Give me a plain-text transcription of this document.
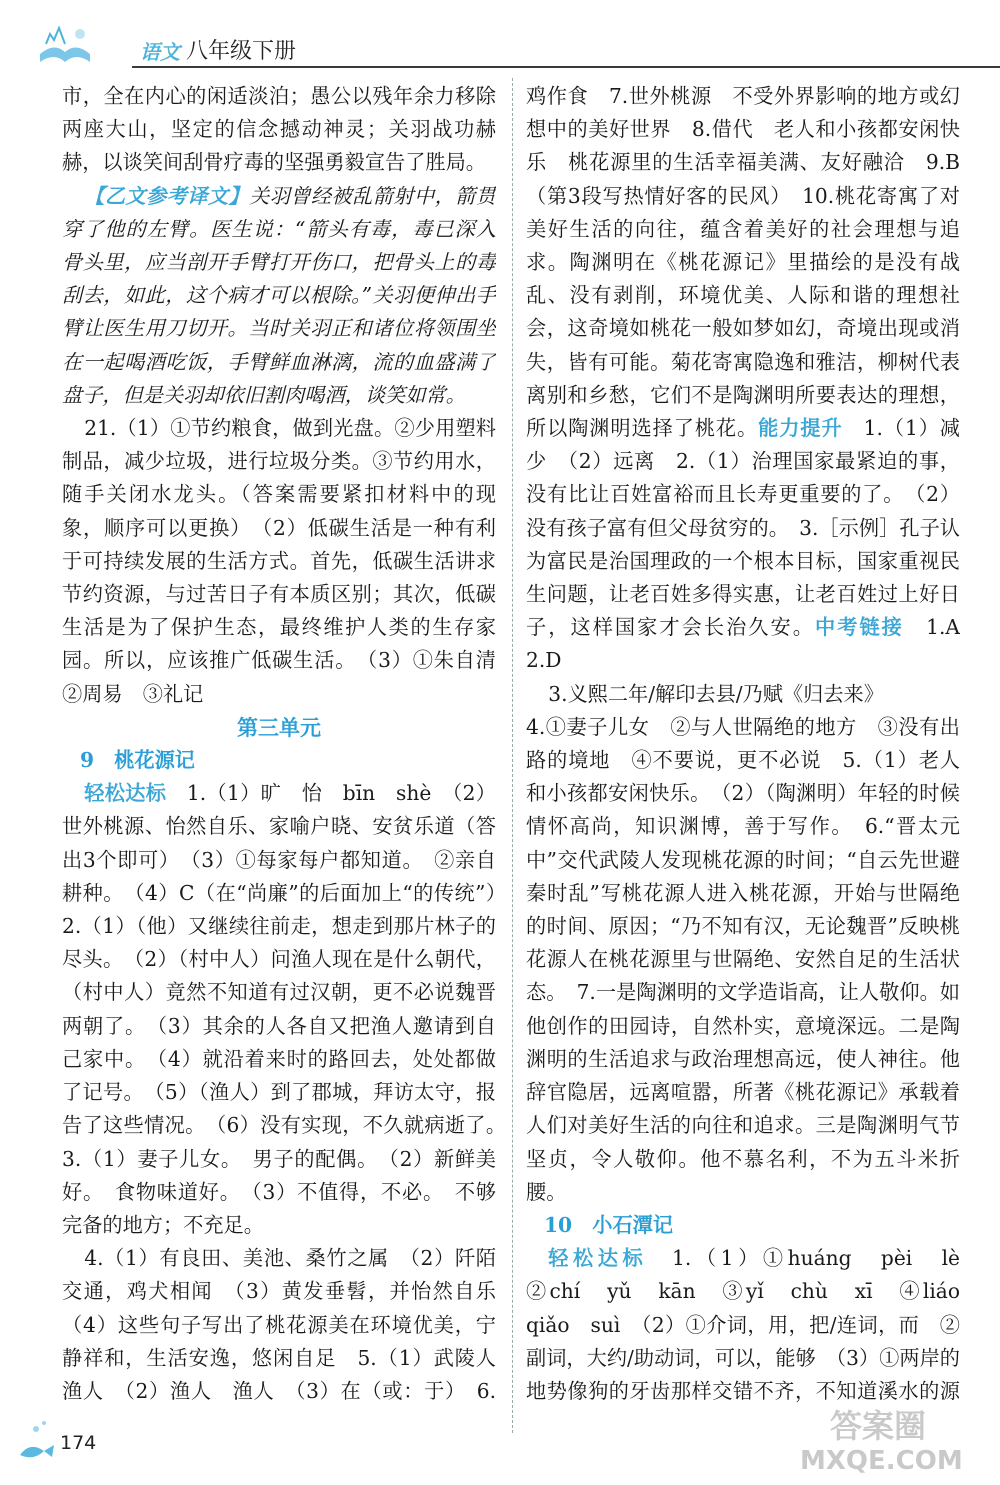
语文 八年级下册

市，全在内心的闲适淡泊；愚公以残年余力移除两座大山，坚定的信念撼动神灵；关羽战功赫赫，以谈笑间刮骨疗毒的坚强勇毅宣告了胜局。

【乙文参考译文】关羽曾经被乱箭射中，箭贯穿了他的左臂。医生说：“箭头有毒，毒已深入骨头里，应当剖开手臂打开伤口，把骨头上的毒刮去，如此，这个病才可以根除。”关羽便伸出手臂让医生用刀切开。当时关羽正和诸位将领围坐在一起喝酒吃饭，手臂鲜血淋漓，流的血盛满了盘子，但是关羽却依旧割肉喝酒，谈笑如常。

21.（1）①节约粮食，做到光盘。②少用塑料制品，减少垃圾，进行垃圾分类。③节约用水，随手关闭水龙头。（答案需要紧扣材料中的现象，顺序可以更换）　（2）低碳生活是一种有利于可持续发展的生活方式。首先，低碳生活讲求节约资源，与过苦日子有本质区别；其次，低碳生活是为了保护生态，最终维护人类的生存家园。所以，应该推广低碳生活。　（3）①朱自清　②周易　③礼记

第三单元

9　桃花源记

轻松达标　1.（1）旷　怡　bīn　shè　（2）世外桃源、怡然自乐、家喻户晓、安贫乐道（答出3个即可）　（3）①每家每户都知道。　②亲自耕种。　（4）C（在“尚廉”的后面加上“的传统”）　2.（1）（他）又继续往前走，想走到那片林子的尽头。　（2）（村中人）问渔人现在是什么朝代，（村中人）竟然不知道有过汉朝，更不必说魏晋两朝了。　（3）其余的人各自又把渔人邀请到自己家中。　（4）就沿着来时的路回去，处处都做了记号。　（5）（渔人）到了郡城，拜访太守，报告了这些情况。　（6）没有实现，不久就病逝了。　3.（1）妻子儿女。　男子的配偶。　（2）新鲜美好。　食物味道好。　（3）不值得，不必。　不够完备的地方；不充足。

4.（1）有良田、美池、桑竹之属　（2）阡陌交通，鸡犬相闻　（3）黄发垂髫，并怡然自乐　（4）这些句子写出了桃花源美在环境优美，宁静祥和，生活安逸，悠闲自足　5.（1）武陵人　渔人　（2）渔人　渔人　（3）在（或：于）　6.　　　

鸡作食　7.世外桃源　不受外界影响的地方或幻想中的美好世界　8.借代　老人和小孩都安闲快乐　桃花源里的生活幸福美满、友好融洽　9.B（第3段写热情好客的民风）　10.桃花寄寓了对美好生活的向往，蕴含着美好的社会理想与追求。陶渊明在《桃花源记》里描绘的是没有战乱、没有剥削，环境优美、人际和谐的理想社会，这奇境如桃花一般如梦如幻，奇境出现或消失，皆有可能。菊花寄寓隐逸和雅洁，柳树代表离别和乡愁，它们不是陶渊明所要表达的理想，所以陶渊明选择了桃花。能力提升　1.（1）减少　（2）远离　2.（1）治理国家最紧迫的事，没有比让百姓富裕而且长寿更重要的了。　（2）没有孩子富有但父母贫穷的。　3.［示例］孔子认为富民是治国理政的一个根本目标，国家重视民生问题，让老百姓多得实惠，让老百姓过上好日子，这样国家才会长治久安。中考链接　1.A　2.D

3.义熙二年/解印去县/乃赋《归去来》

4.①妻子儿女　②与人世隔绝的地方　③没有出路的境地　④不要说，更不必说　5.（1）老人和小孩都安闲快乐。　（2）（陶渊明）年轻的时候情怀高尚，知识渊博，善于写作。　6.“晋太元中”交代武陵人发现桃花源的时间；“自云先世避秦时乱”写桃花源人进入桃花源，开始与世隔绝的时间、原因；“乃不知有汉，无论魏晋”反映桃花源人在桃花源里与世隔绝、安然自足的生活状态。　7.一是陶渊明的文学造诣高，让人敬仰。如他创作的田园诗，自然朴实，意境深远。二是陶渊明的生活追求与政治理想高远，使人神往。他辞官隐居，远离喧嚣，所著《桃花源记》承载着人们对美好生活的向往和追求。三是陶渊明气节坚贞，令人敬仰。他不慕名利，不为五斗米折腰。

10　小石潭记

轻松达标　1.（1）①huáng　pèi　lè　②chí　yǔ　kān　③yǐ　chù　xī　④liáo　qiǎo　suì　（2）①介词，用，把/连词，而　②副词，大约/助动词，可以，能够　（3）①两岸的地势像狗的牙齿那样交错不齐，不知道溪水的源　

174	答案圈
MXQE.COM
